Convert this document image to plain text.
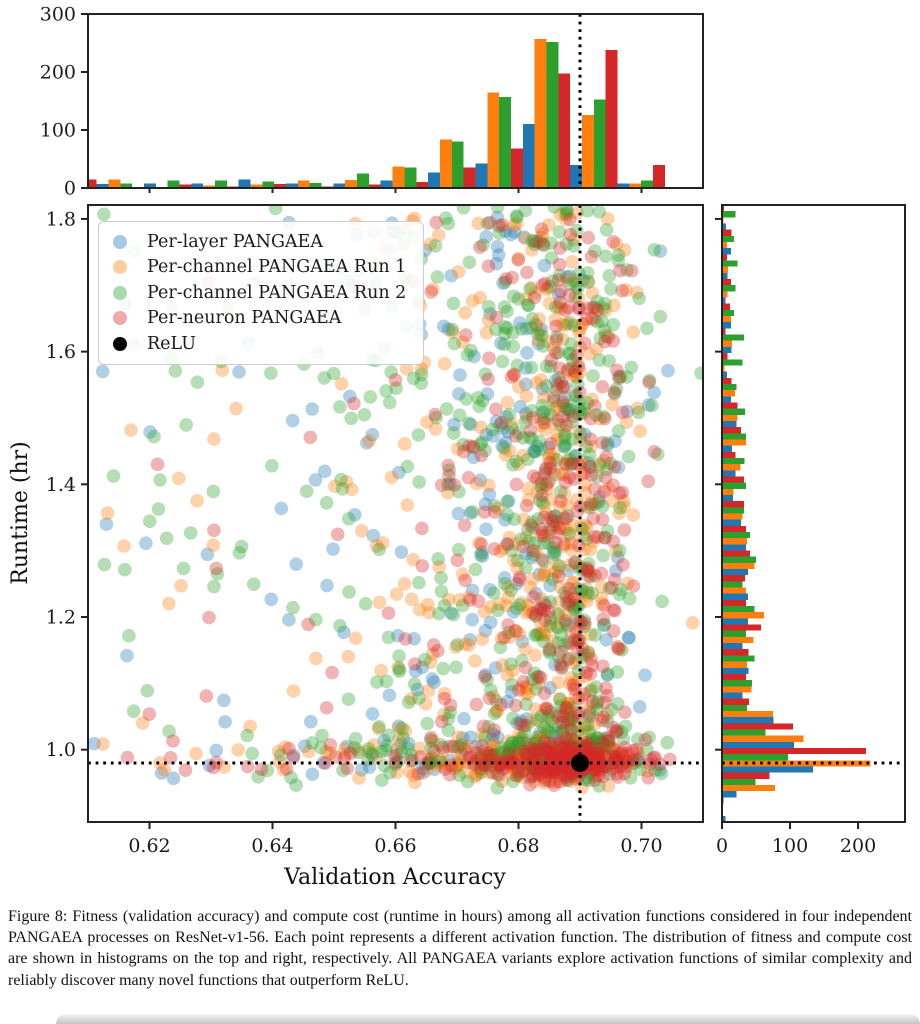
0.62	0.64	0.66	0.68	0.70
1.0
1.2
1.4
1.6
1.8
0
100
200
300
0 100 200
Validation Accuracy
Runtime (hr)
Per-layer PANGAEA
Per-channel PANGAEA Run 1
Per-channel PANGAEA Run 2
Per-neuron PANGAEA
ReLU

Figure 8: Fitness (validation accuracy) and compute cost (runtime in hours) among all activation functions considered in four independent PANGAEA processes on ResNet-v1-56. Each point represents a different activation function. The distribution of fitness and compute cost are shown in histograms on the top and right, respectively. All PANGAEA variants explore activation functions of similar complexity and reliably discover many novel functions that outperform ReLU.
